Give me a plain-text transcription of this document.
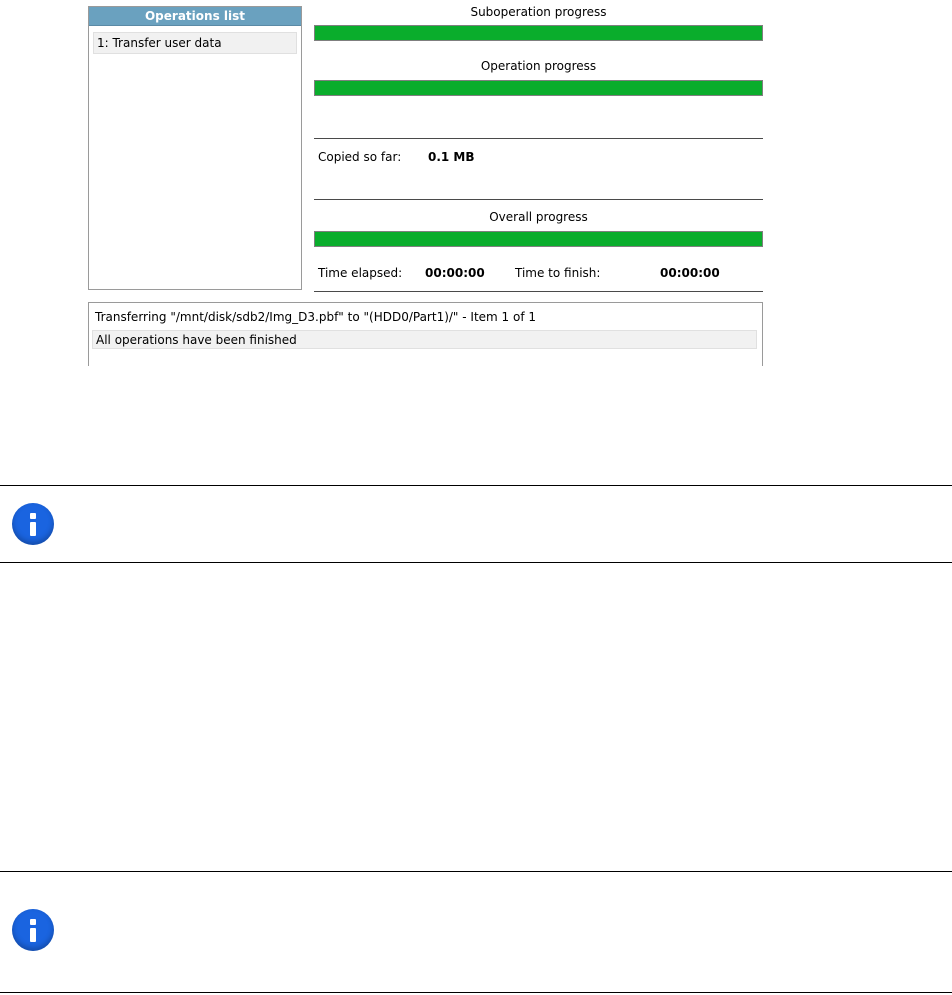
Operations list
1: Transfer user data
Suboperation progress
Operation progress
Copied so far: 0.1 MB
Overall progress
Time elapsed: 00:00:00	Time to finish:	00:00:00
Transferring "/mnt/disk/sdb2/Img_D3.pbf" to "(HDD0/Part1)/" - Item 1 of 1
All operations have been finished
